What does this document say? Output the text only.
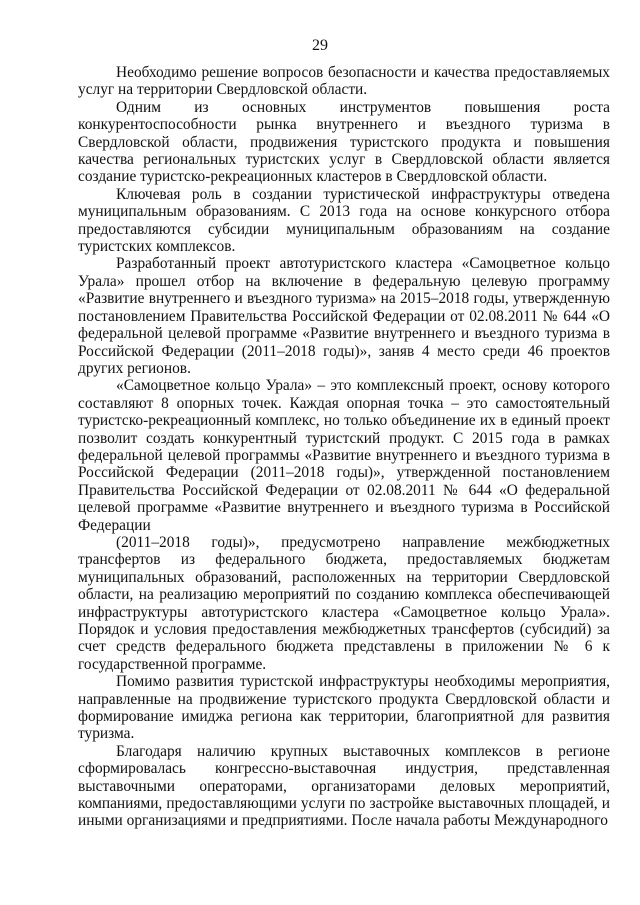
29

Необходимо решение вопросов безопасности и качества предоставляемых услуг на территории Свердловской области.

Одним из основных инструментов повышения роста конкурентоспособности рынка внутреннего и въездного туризма в Свердловской области, продвижения туристского продукта и повышения качества региональных туристских услуг в Свердловской области является создание туристско-рекреационных кластеров в Свердловской области.

Ключевая роль в создании туристической инфраструктуры отведена муниципальным образованиям. С 2013 года на основе конкурсного отбора предоставляются субсидии муниципальным образованиям на создание туристских комплексов.

Разработанный проект автотуристского кластера «Самоцветное кольцо Урала» прошел отбор на включение в федеральную целевую программу «Развитие внутреннего и въездного туризма» на 2015–2018 годы, утвержденную постановлением Правительства Российской Федерации от 02.08.2011 № 644 «О федеральной целевой программе «Развитие внутреннего и въездного туризма в Российской Федерации (2011–2018 годы)», заняв 4 место среди 46 проектов других регионов.

«Самоцветное кольцо Урала» – это комплексный проект, основу которого составляют 8 опорных точек. Каждая опорная точка – это самостоятельный туристско-рекреационный комплекс, но только объединение их в единый проект позволит создать конкурентный туристский продукт. С 2015 года в рамках федеральной целевой программы «Развитие внутреннего и въездного туризма в Российской Федерации (2011–2018 годы)», утвержденной постановлением Правительства Российской Федерации от 02.08.2011 № 644 «О федеральной целевой программе «Развитие внутреннего и въездного туризма в Российской Федерации

(2011–2018 годы)», предусмотрено направление межбюджетных трансфертов из федерального бюджета, предоставляемых бюджетам муниципальных образований, расположенных на территории Свердловской области, на реализацию мероприятий по созданию комплекса обеспечивающей инфраструктуры автотуристского кластера «Самоцветное кольцо Урала». Порядок и условия предоставления межбюджетных трансфертов (субсидий) за счет средств федерального бюджета представлены в приложении № 6 к государственной программе.

Помимо развития туристской инфраструктуры необходимы мероприятия, направленные на продвижение туристского продукта Свердловской области и формирование имиджа региона как территории, благоприятной для развития туризма.

Благодаря наличию крупных выставочных комплексов в регионе сформировалась конгрессно-выставочная индустрия, представленная выставочными операторами, организаторами деловых мероприятий, компаниями, предоставляющими услуги по застройке выставочных площадей, и иными организациями и предприятиями. После начала работы Международного
